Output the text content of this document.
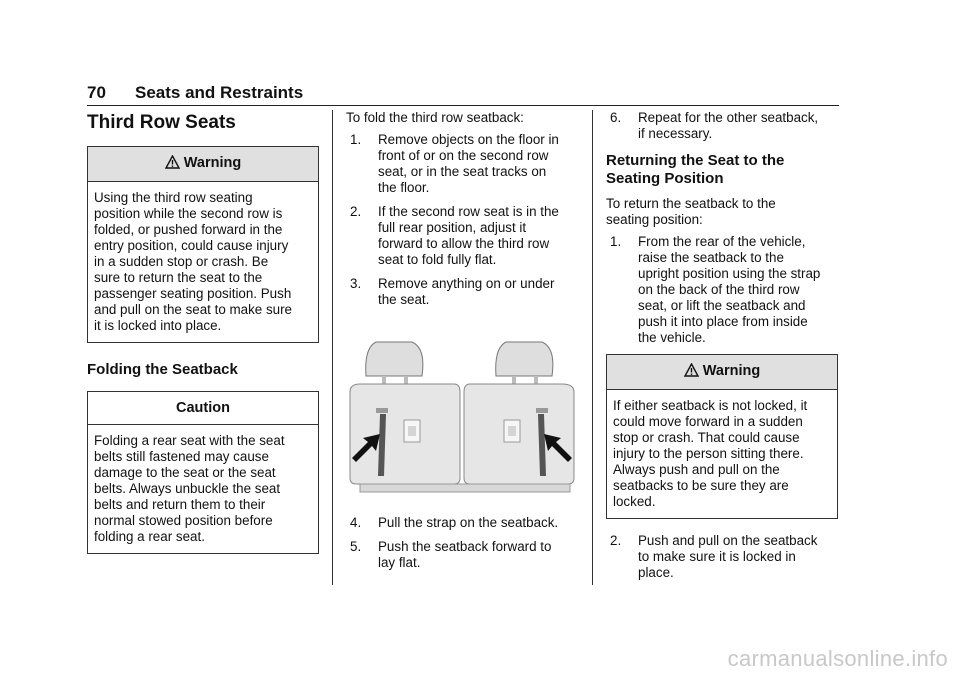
70 Seats and Restraints
Third Row Seats
Warning

Using the third row seating

position while the second row is

folded, or pushed forward in the

entry position, could cause injury

in a sudden stop or crash. Be

sure to return the seat to the

passenger seating position. Push

and pull on the seat to make sure

it is locked into place.

Folding the Seatback
Caution

Folding a rear seat with the seat

belts still fastened may cause

damage to the seat or the seat

belts. Always unbuckle the seat

belts and return them to their

normal stowed position before

folding a rear seat.

To fold the third row seatback:

1. Remove objects on the floor in
front of or on the second row
seat, or in the seat tracks on
the floor.
2. If the second row seat is in the
full rear position, adjust it
forward to allow the third row
seat to fold fully flat.
3. Remove anything on or under
the seat.
4. Pull the strap on the seatback.
5. Push the seatback forward to
lay flat.
6. Repeat for the other seatback,
if necessary.
Returning the Seat to the
Seating Position

To return the seatback to the

seating position:

1. From the rear of the vehicle,
raise the seatback to the
upright position using the strap
on the back of the third row
seat, or lift the seatback and
push it into place from inside
the vehicle.
Warning

If either seatback is not locked, it

could move forward in a sudden

stop or crash. That could cause

injury to the person sitting there.

Always push and pull on the

seatbacks to be sure they are

locked.

2. Push and pull on the seatback
to make sure it is locked in
place.
carmanualsonline.info
